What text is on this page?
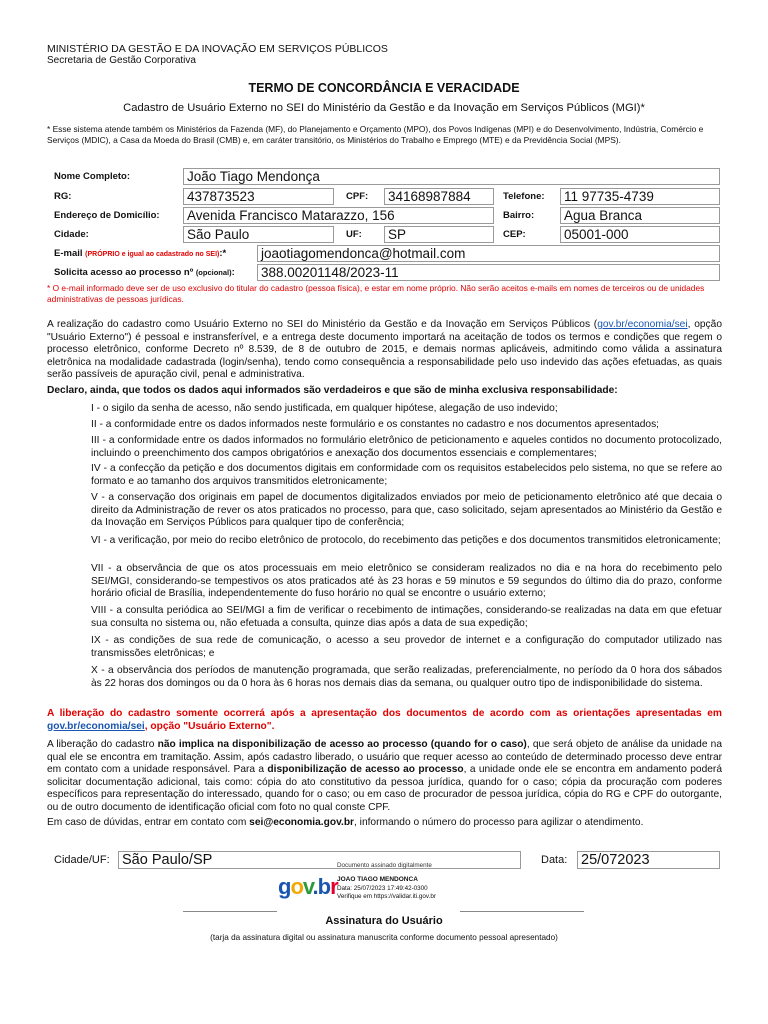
MINISTÉRIO DA GESTÃO E DA INOVAÇÃO EM SERVIÇOS PÚBLICOS
Secretaria de Gestão Corporativa
TERMO DE CONCORDÂNCIA E VERACIDADE
Cadastro de Usuário Externo no SEI do Ministério da Gestão e da Inovação em Serviços Públicos (MGI)*
* Esse sistema atende também os Ministérios da Fazenda (MF), do Planejamento e Orçamento (MPO), dos Povos Indígenas (MPI) e do Desenvolvimento, Indústria, Comércio e Serviços (MDIC), a Casa da Moeda do Brasil (CMB) e, em caráter transitório, os Ministérios do Trabalho e Emprego (MTE) e da Previdência Social (MPS).
Nome Completo:	João Tiago Mendonça
RG:	437873523	CPF: 34168987884	Telefone: 11 97735-4739
Endereço de Domicílio: Avenida Francisco Matarazzo, 156	Bairro: Agua Branca
Cidade:	São Paulo	UF: SP	CEP:	05001-000
E-mail (PRÓPRIO e igual ao cadastrado no SEI):*	joaotiagomendonca@hotmail.com
Solicita acesso ao processo nº (opcional): 388.00201148/2023-11
* O e-mail informado deve ser de uso exclusivo do titular do cadastro (pessoa física), e estar em nome próprio. Não serão aceitos e-mails em nomes de terceiros ou de unidades administrativas de pessoas jurídicas.
A realização do cadastro como Usuário Externo no SEI do Ministério da Gestão e da Inovação em Serviços Públicos (gov.br/economia/sei, opção "Usuário Externo") é pessoal e instransferível, e a entrega deste documento importará na aceitação de todos os termos e condições que regem o processo eletrônico, conforme Decreto nº 8.539, de 8 de outubro de 2015, e demais normas aplicáveis, admitindo como válida a assinatura eletrônica na modalidade cadastrada (login/senha), tendo como consequência a responsabilidade pelo uso indevido das ações efetuadas, as quais serão passíveis de apuração civil, penal e administrativa.
Declaro, ainda, que todos os dados aqui informados são verdadeiros e que são de minha exclusiva responsabilidade:
I - o sigilo da senha de acesso, não sendo justificada, em qualquer hipótese, alegação de uso indevido;
II - a conformidade entre os dados informados neste formulário e os constantes no cadastro e nos documentos apresentados;
III - a conformidade entre os dados informados no formulário eletrônico de peticionamento e aqueles contidos no documento protocolizado, incluindo o preenchimento dos campos obrigatórios e anexação dos documentos essenciais e complementares;
IV - a confecção da petição e dos documentos digitais em conformidade com os requisitos estabelecidos pelo sistema, no que se refere ao formato e ao tamanho dos arquivos transmitidos eletronicamente;
V - a conservação dos originais em papel de documentos digitalizados enviados por meio de peticionamento eletrônico até que decaia o direito da Administração de rever os atos praticados no processo, para que, caso solicitado, sejam apresentados ao Ministério da Gestão e da Inovação em Serviços Públicos para qualquer tipo de conferência;
VI - a verificação, por meio do recibo eletrônico de protocolo, do recebimento das petições e dos documentos transmitidos eletronicamente;
VII - a observância de que os atos processuais em meio eletrônico se consideram realizados no dia e na hora do recebimento pelo SEI/MGI, considerando-se tempestivos os atos praticados até às 23 horas e 59 minutos e 59 segundos do último dia do prazo, conforme horário oficial de Brasília, independentemente do fuso horário no qual se encontre o usuário externo;
VIII - a consulta periódica ao SEI/MGI a fim de verificar o recebimento de intimações, considerando-se realizadas na data em que efetuar sua consulta no sistema ou, não efetuada a consulta, quinze dias após a data de sua expedição;
IX - as condições de sua rede de comunicação, o acesso a seu provedor de internet e a configuração do computador utilizado nas transmissões eletrônicas; e
X - a observância dos períodos de manutenção programada, que serão realizadas, preferencialmente, no período da 0 hora dos sábados às 22 horas dos domingos ou da 0 hora às 6 horas nos demais dias da semana, ou qualquer outro tipo de indisponibilidade do sistema.
A liberação do cadastro somente ocorrerá após a apresentação dos documentos de acordo com as orientações apresentadas em gov.br/economia/sei, opção "Usuário Externo".
A liberação do cadastro não implica na disponibilização de acesso ao processo (quando for o caso), que será objeto de análise da unidade na qual ele se encontra em tramitação. Assim, após cadastro liberado, o usuário que requer acesso ao conteúdo de determinado processo deve entrar em contato com a unidade responsável. Para a disponibilização de acesso ao processo, a unidade onde ele se encontra em andamento poderá solicitar documentação adicional, tais como: cópia do ato constitutivo da pessoa jurídica, quando for o caso; cópia da procuração com poderes específicos para representação do interessado, quando for o caso; ou em caso de procurador de pessoa jurídica, cópia do RG e CPF do outorgante, ou de outro documento de identificação oficial com foto no qual conste CPF.
Em caso de dúvidas, entrar em contato com sei@economia.gov.br, informando o número do processo para agilizar o atendimento.
Cidade/UF: São Paulo/SP	Data: 25/072023
Documento assinado digitalmente
gov.br JOAO TIAGO MENDONCA
Data: 25/07/2023 17:49:42-0300
Verifique em https://validar.iti.gov.br
Assinatura do Usuário
(tarja da assinatura digital ou assinatura manuscrita conforme documento pessoal apresentado)
